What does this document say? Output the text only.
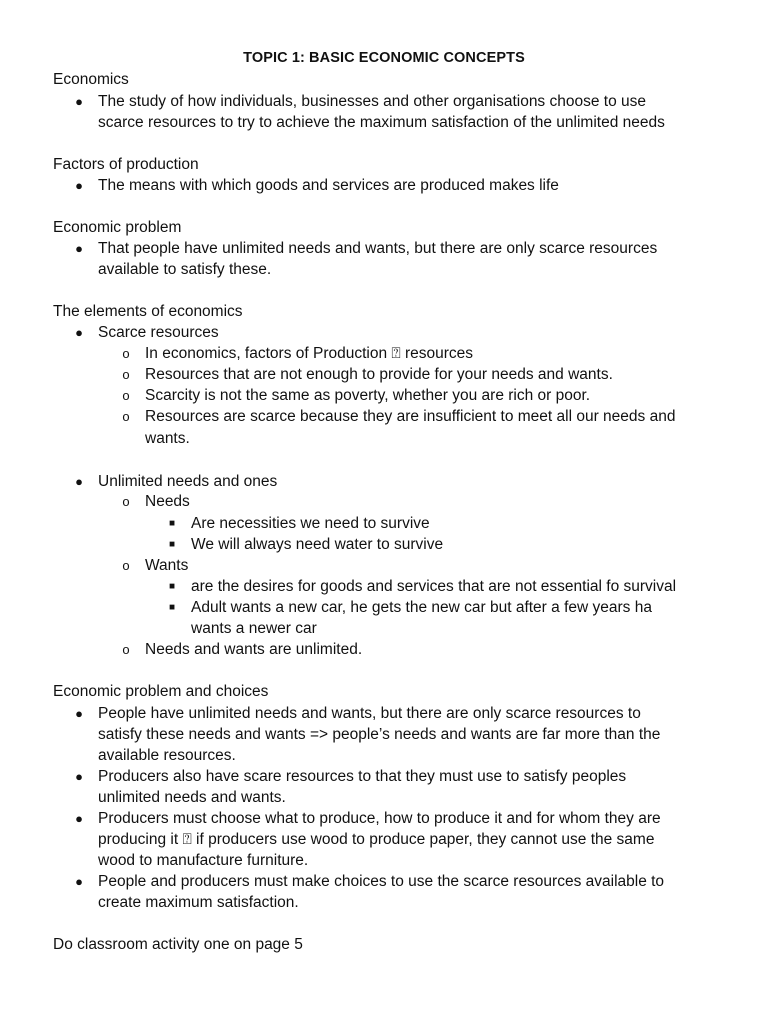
TOPIC 1: BASIC ECONOMIC CONCEPTS
Economics
● The study of how individuals, businesses and other organisations choose to use
scarce resources to try to achieve the maximum satisfaction of the unlimited needs
Factors of production
● The means with which goods and services are produced makes life
Economic problem
● That people have unlimited needs and wants, but there are only scarce resources
available to satisfy these.
The elements of economics
● Scarce resources
o In economics, factors of Production ⍰ resources
o Resources that are not enough to provide for your needs and wants.
o Scarcity is not the same as poverty, whether you are rich or poor.
o Resources are scarce because they are insufficient to meet all our needs and
wants.
● Unlimited needs and ones
o Needs
■ Are necessities we need to survive
■ We will always need water to survive
o Wants
■ are the desires for goods and services that are not essential fo survival
■ Adult wants a new car, he gets the new car but after a few years ha
wants a newer car
o Needs and wants are unlimited.
Economic problem and choices
● People have unlimited needs and wants, but there are only scarce resources to
satisfy these needs and wants => people’s needs and wants are far more than the
available resources.
● Producers also have scare resources to that they must use to satisfy peoples
unlimited needs and wants.
● Producers must choose what to produce, how to produce it and for whom they are
producing it ⍰ if producers use wood to produce paper, they cannot use the same
wood to manufacture furniture.
● People and producers must make choices to use the scarce resources available to
create maximum satisfaction.
Do classroom activity one on page 5
